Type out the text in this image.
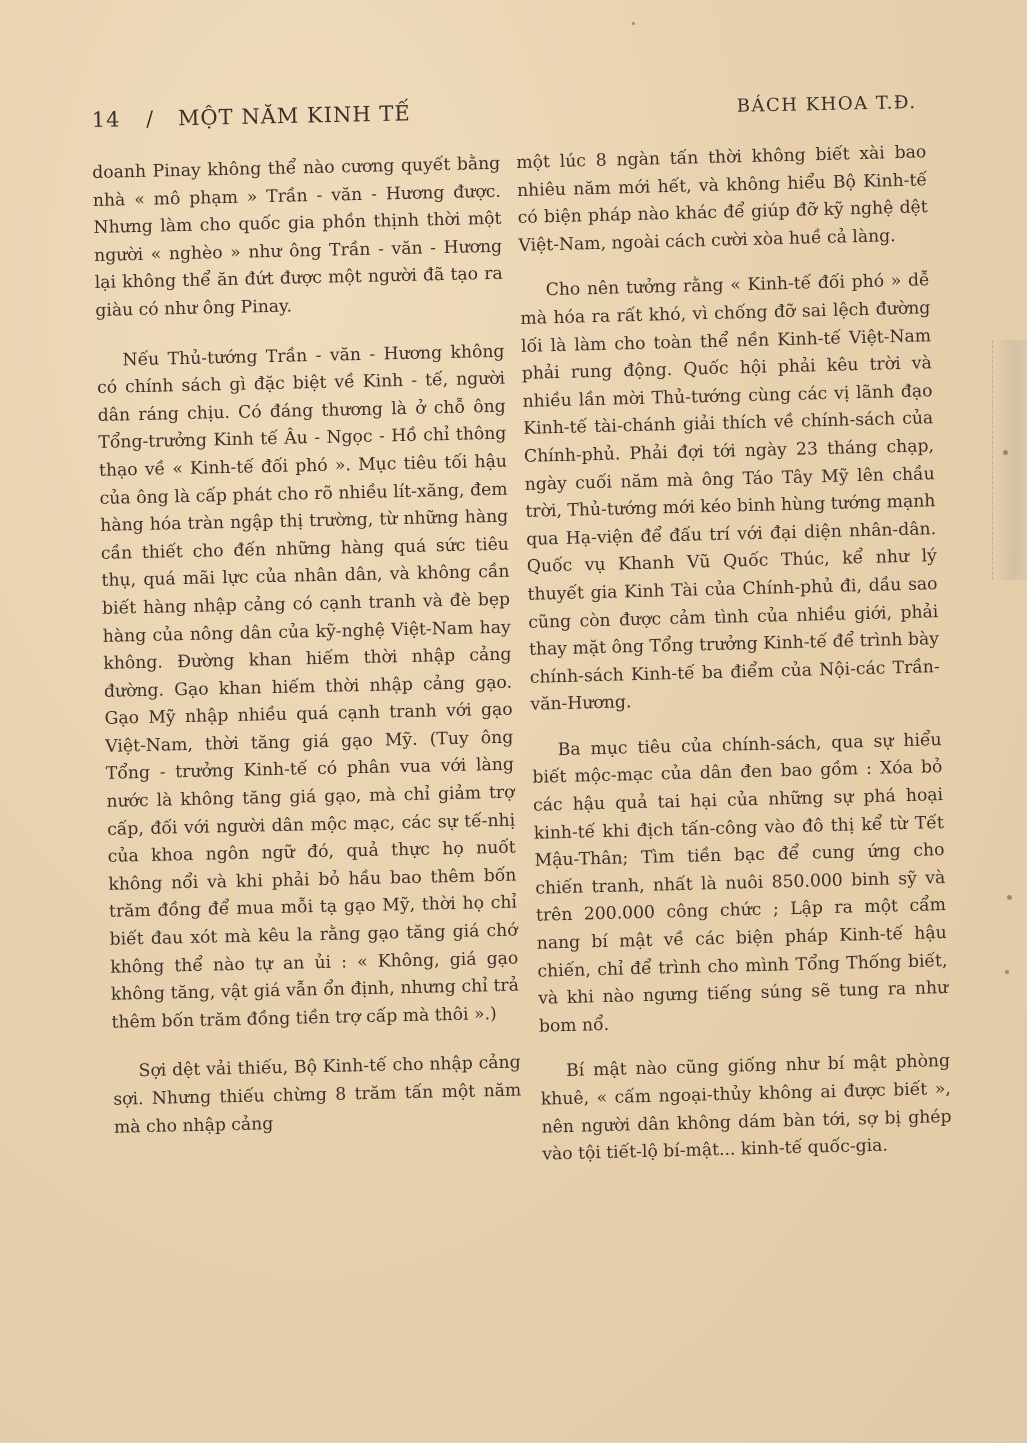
14 / MỘT NĂM KINH TẾ	BÁCH KHOA T.Đ.

doanh Pinay không thể nào cương quyết bằng nhà « mô phạm » Trần - văn - Hương được. Nhưng làm cho quốc gia phồn thịnh thời một người « nghèo » như ông Trần - văn - Hương lại không thể ăn đứt được một người đã tạo ra giàu có như ông Pinay.

Nếu Thủ-tướng Trần - văn - Hương không có chính sách gì đặc biệt về Kinh - tế, người dân ráng chịu. Có đáng thương là ở chỗ ông Tổng-trưởng Kinh tế Âu - Ngọc - Hồ chỉ thông thạo về « Kinh-tế đối phó ». Mục tiêu tối hậu của ông là cấp phát cho rõ nhiều lít-xăng, đem hàng hóa tràn ngập thị trường, từ những hàng cần thiết cho đến những hàng quá sức tiêu thụ, quá mãi lực của nhân dân, và không cần biết hàng nhập cảng có cạnh tranh và đè bẹp hàng của nông dân của kỹ-nghệ Việt-Nam hay không. Đường khan hiếm thời nhập cảng đường. Gạo khan hiếm thời nhập cảng gạo. Gạo Mỹ nhập nhiều quá cạnh tranh với gạo Việt-Nam, thời tăng giá gạo Mỹ. (Tuy ông Tổng - trưởng Kinh-tế có phân vua với làng nước là không tăng giá gạo, mà chỉ giảm trợ cấp, đối với người dân mộc mạc, các sự tế-nhị của khoa ngôn ngữ đó, quả thực họ nuốt không nổi và khi phải bỏ hầu bao thêm bốn trăm đồng để mua mỗi tạ gạo Mỹ, thời họ chỉ biết đau xót mà kêu la rằng gạo tăng giá chớ không thể nào tự an ủi : « Không, giá gạo không tăng, vật giá vẫn ổn định, nhưng chỉ trả thêm bốn trăm đồng tiền trợ cấp mà thôi ».)

Sợi dệt vải thiếu, Bộ Kinh-tế cho nhập cảng sợi. Nhưng thiếu chừng 8 trăm tấn một năm mà cho nhập cảng

một lúc 8 ngàn tấn thời không biết xài bao nhiêu năm mới hết, và không hiểu Bộ Kinh-tế có biện pháp nào khác để giúp đỡ kỹ nghệ dệt Việt-Nam, ngoài cách cười xòa huề cả làng.

Cho nên tưởng rằng « Kinh-tế đối phó » dễ mà hóa ra rất khó, vì chống đỡ sai lệch đường lối là làm cho toàn thể nền Kinh-tế Việt-Nam phải rung động. Quốc hội phải kêu trời và nhiều lần mời Thủ-tướng cùng các vị lãnh đạo Kinh-tế tài-chánh giải thích về chính-sách của Chính-phủ. Phải đợi tới ngày 23 tháng chạp, ngày cuối năm mà ông Táo Tây Mỹ lên chầu trời, Thủ-tướng mới kéo binh hùng tướng mạnh qua Hạ-viện để đấu trí với đại diện nhân-dân. Quốc vụ Khanh Vũ Quốc Thúc, kể như lý thuyết gia Kinh Tài của Chính-phủ đi, dầu sao cũng còn được cảm tình của nhiều giới, phải thay mặt ông Tổng trưởng Kinh-tế để trình bày chính-sách Kinh-tế ba điểm của Nội-các Trần-văn-Hương.

Ba mục tiêu của chính-sách, qua sự hiểu biết mộc-mạc của dân đen bao gồm : Xóa bỏ các hậu quả tai hại của những sự phá hoại kinh-tế khi địch tấn-công vào đô thị kể từ Tết Mậu-Thân; Tìm tiền bạc để cung ứng cho chiến tranh, nhất là nuôi 850.000 binh sỹ và trên 200.000 công chức ; Lập ra một cẩm nang bí mật về các biện pháp Kinh-tế hậu chiến, chỉ để trình cho mình Tổng Thống biết, và khi nào ngưng tiếng súng sẽ tung ra như bom nổ.

Bí mật nào cũng giống như bí mật phòng khuê, « cấm ngoại-thủy không ai được biết », nên người dân không dám bàn tới, sợ bị ghép vào tội tiết-lộ bí-mật... kinh-tế quốc-gia.
